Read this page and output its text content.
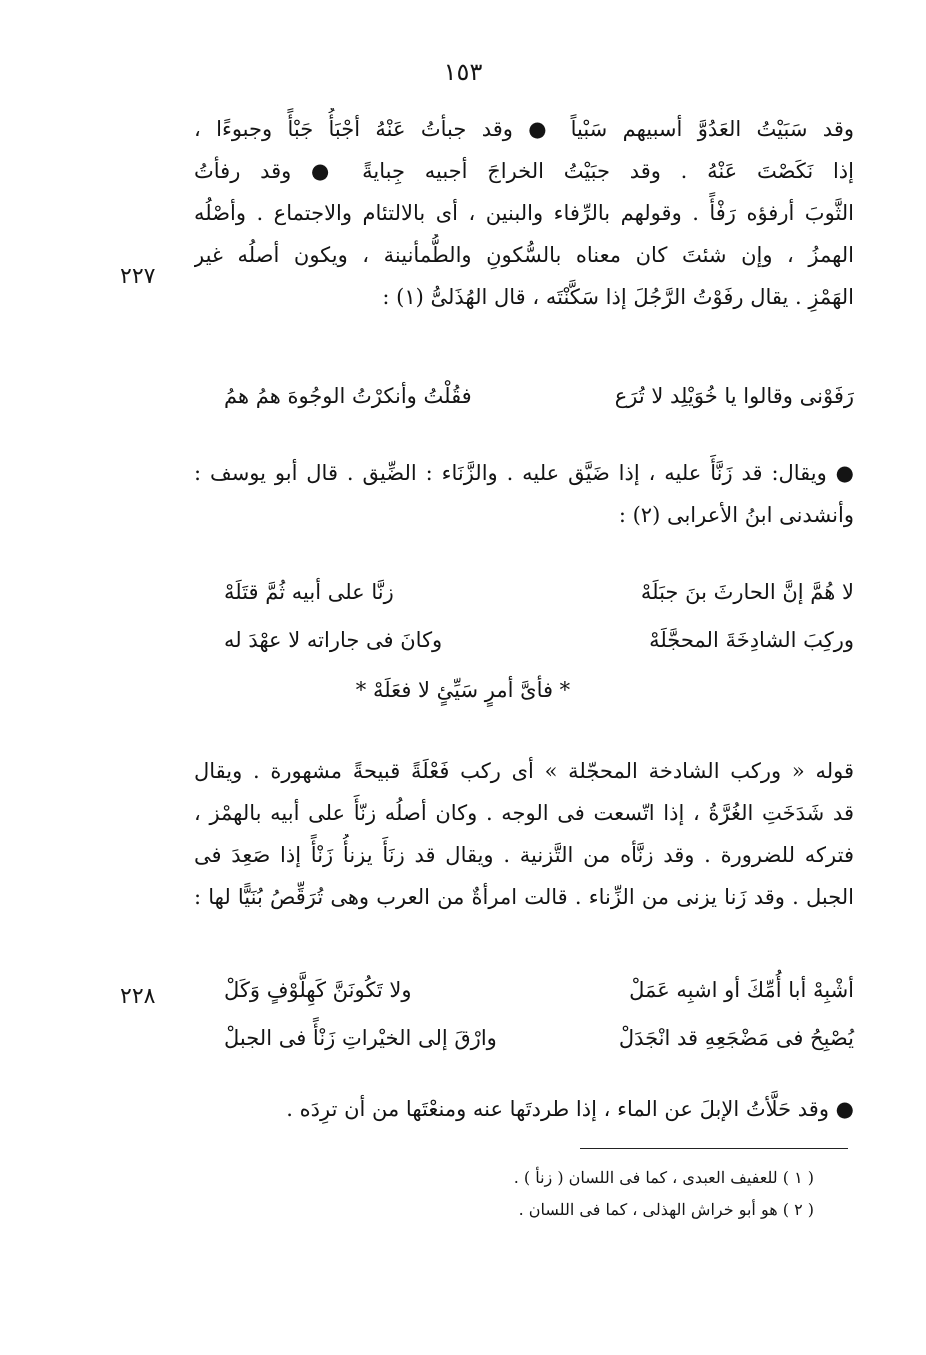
١٥٣
وقد سَبَيْتُ العَدُوَّ أسبيهم سَبْياً ● وقد جبأتُ عَنْهُ أجْبَأُ جَبْأً وجبوءًا ،
إذا نَكَصْتَ عَنْهُ . وقد جبَيْتُ الخراجَ أجبيه جِبايةً ● وقد رفأتُ
الثَّوبَ أرفؤه رَفْأً . وقولهم بالرِّفاء والبنين ، أى بالالتئام والاجتماع . وأصْلُه
الهمزُ ، وإن شئتَ كان معناه بالسُّكونِ والطُّمأنينة ، ويكون أصلُه غير
الهَمْزِ . يقال رفَوْتُ الرَّجُلَ إذا سَكَّنْتَه ، قال الهُذَلىُّ (١) :
٢٢٧
رَفَوْنى وقالوا يا خُوَيْلِد لا تُرَع
فقُلْتُ وأنكرْتُ الوجُوهَ همُ همُ
● ويقال: قد زَنَّأَ عليه ، إذا ضَيَّق عليه . والزَّنَاء : الضِّيق . قال أبو يوسف :
وأنشدنى ابنُ الأعرابى (٢) :
لا هُمَّ إنَّ الحارثَ بنَ جبَلَهْ
زنَّا على أبيه ثُمَّ قتَلَهْ
وركِبَ الشادِخَةَ المحجَّلَهْ
وكانَ فى جاراته لا عهْدَ له
* فأىَّ أمرٍ سَيِّئٍ لا فعَلَهْ *
قوله « وركب الشادخة المحجّلة » أى ركب فَعْلَةً قبيحةً مشهورة . ويقال
قد شَدَخَتِ الغُرَّةُ ، إذا اتّسعت فى الوجه . وكان أصلُه زنّأَ على أبيه بالهمْز ،
فتركه للضرورة . وقد زنَّأه من التَّزنية . ويقال قد زنَأَ يزنأُ زَنْأً إذا صَعِدَ فى
الجبل . وقد زَنا يزنى من الزِّناء . قالت امرأةٌ من العرب وهى تُرَقِّصُ بُنَيًّا لها :
أشْبِهْ أبا أُمِّكَ أو اشبِه عَمَلْ
ولا تَكُونَنَّ كَهِلَّوْفٍ وَكَلْ
يُصْبِحُ فى مَضْجَعِهِ قد انْجَدَلْ
وارْقَ إلى الخيْراتِ زَنْأً فى الجبلْ
٢٢٨
● وقد حَلَّأتُ الإبلَ عن الماء ، إذا طردتَها عنه ومنعْتَها من أن ترِدَه .
( ١ ) للعفيف العبدى ، كما فى اللسان ( زنأ ) .
( ٢ ) هو أبو خراش الهذلى ، كما فى اللسان .
